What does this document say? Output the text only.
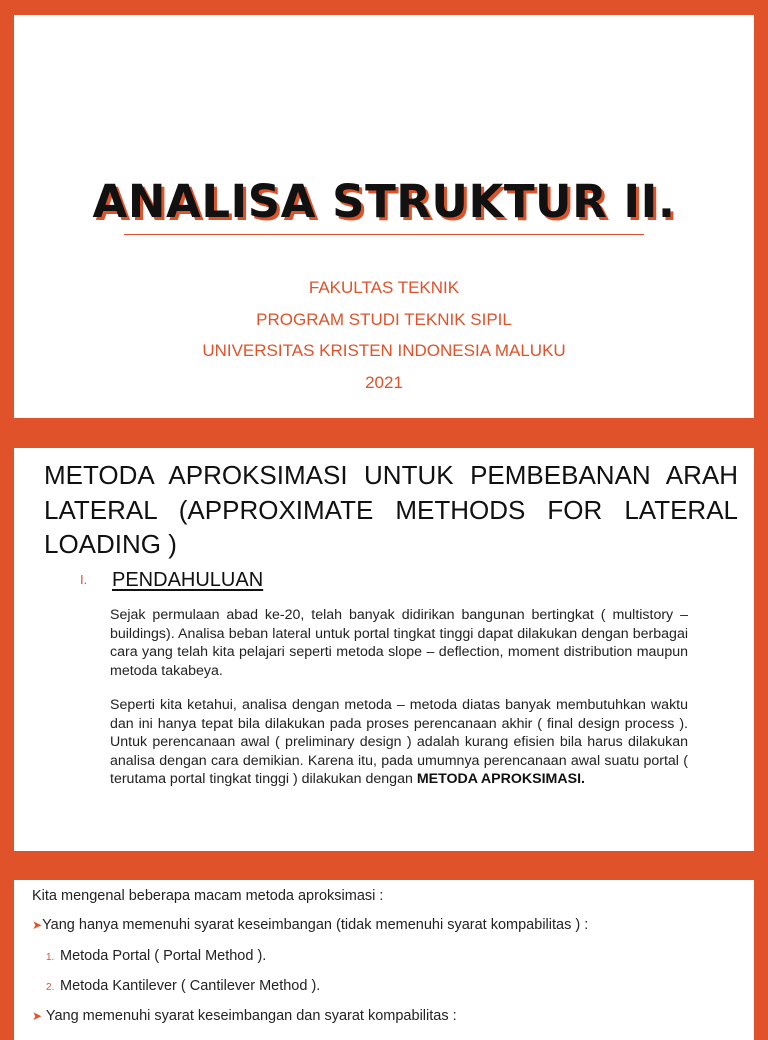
ANALISA STRUKTUR II.
FAKULTAS TEKNIK
PROGRAM STUDI TEKNIK SIPIL
UNIVERSITAS KRISTEN INDONESIA MALUKU
2021
METODA APROKSIMASI UNTUK PEMBEBANAN ARAH LATERAL (APPROXIMATE METHODS FOR LATERAL LOADING )
I. PENDAHULUAN
Sejak permulaan abad ke-20, telah banyak didirikan bangunan bertingkat ( multistory – buildings). Analisa beban lateral untuk portal tingkat tinggi dapat dilakukan dengan berbagai cara yang telah kita pelajari seperti metoda slope – deflection, moment distribution maupun metoda takabeya.
Seperti kita ketahui, analisa dengan metoda – metoda diatas banyak membutuhkan waktu dan ini hanya tepat bila dilakukan pada proses perencanaan akhir ( final design process ). Untuk perencanaan awal ( preliminary design ) adalah kurang efisien bila harus dilakukan analisa dengan cara demikian. Karena itu, pada umumnya perencanaan awal suatu portal ( terutama portal tingkat tinggi ) dilakukan dengan METODA APROKSIMASI.
Kita mengenal beberapa macam metoda aproksimasi :
➤Yang hanya memenuhi syarat keseimbangan (tidak memenuhi syarat kompabilitas ) :
1. Metoda Portal ( Portal Method ).
2. Metoda Kantilever ( Cantilever Method ).
➤ Yang memenuhi syarat keseimbangan dan syarat kompabilitas :
